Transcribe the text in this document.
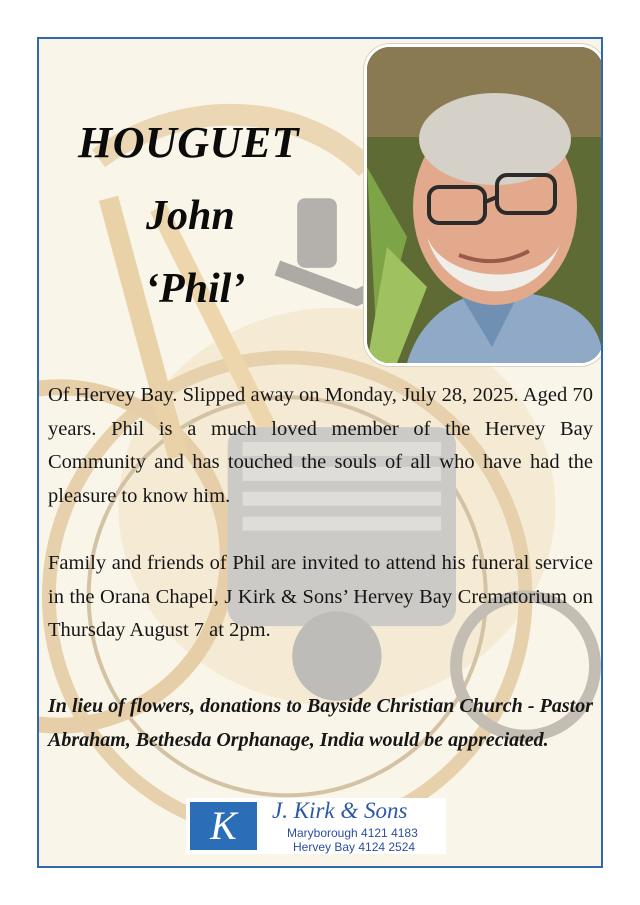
HOUGUET
John
‘Phil’
Of Hervey Bay. Slipped away on Monday, July 28, 2025. Aged 70 years. Phil is a much loved member of the Hervey Bay Community and has touched the souls of all who have had the pleasure to know him.
Family and friends of Phil are invited to attend his funeral service in the Orana Chapel, J Kirk & Sons’ Hervey Bay Crematorium on Thursday August 7 at 2pm.
In lieu of flowers, donations to Bayside Christian Church - Pastor Abraham, Bethesda Orphanage, India would be appreciated.
K	J. Kirk & Sons
Maryborough 4121 4183
Hervey Bay 4124 2524
